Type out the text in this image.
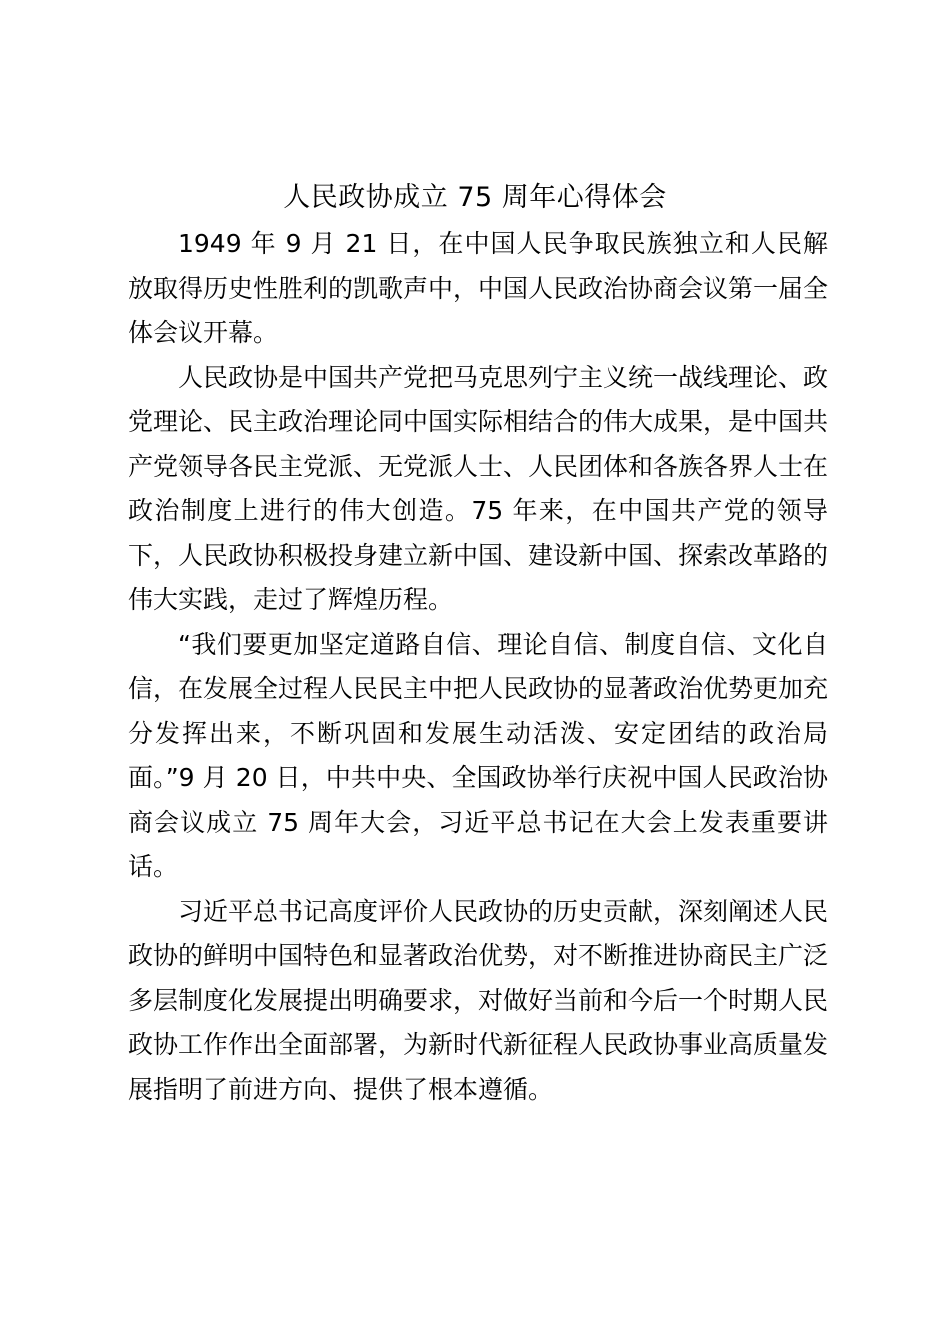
人民政协成立 75 周年心得体会

1949 年 9 月 21 日，在中国人民争取民族独立和人民解放取得历史性胜利的凯歌声中，中国人民政治协商会议第一届全体会议开幕。

人民政协是中国共产党把马克思列宁主义统一战线理论、政党理论、民主政治理论同中国实际相结合的伟大成果，是中国共产党领导各民主党派、无党派人士、人民团体和各族各界人士在政治制度上进行的伟大创造。75 年来，在中国共产党的领导下，人民政协积极投身建立新中国、建设新中国、探索改革路的伟大实践，走过了辉煌历程。

“我们要更加坚定道路自信、理论自信、制度自信、文化自信，在发展全过程人民民主中把人民政协的显著政治优势更加充分发挥出来，不断巩固和发展生动活泼、安定团结的政治局面。”9 月 20 日，中共中央、全国政协举行庆祝中国人民政治协商会议成立 75 周年大会，习近平总书记在大会上发表重要讲话。

习近平总书记高度评价人民政协的历史贡献，深刻阐述人民政协的鲜明中国特色和显著政治优势，对不断推进协商民主广泛多层制度化发展提出明确要求，对做好当前和今后一个时期人民政协工作作出全面部署，为新时代新征程人民政协事业高质量发展指明了前进方向、提供了根本遵循。
